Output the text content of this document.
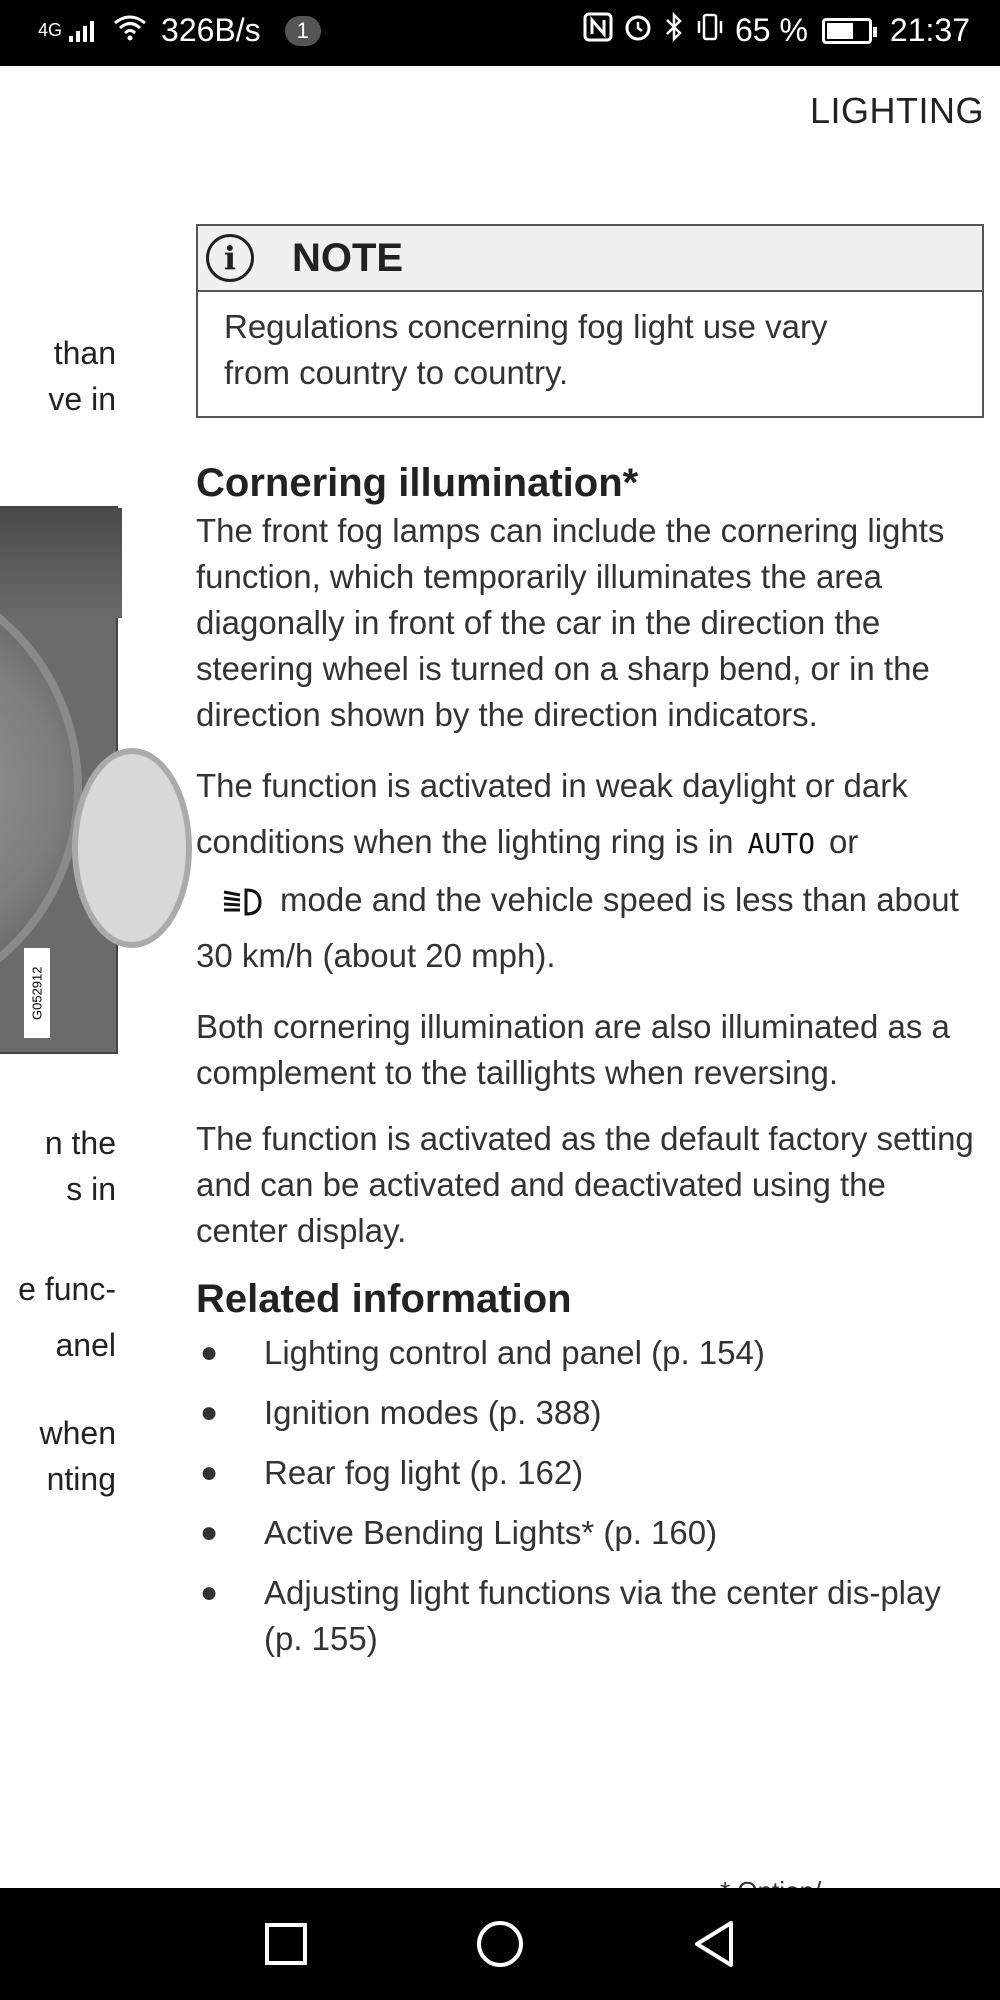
4G	326B/s	1	65 %	21:37
LIGHTING
than
ve in
G052912
n the
s in
e func-
anel
when
nting
i	NOTE
Regulations concerning fog light use vary
from country to country.
Cornering illumination*

The front fog lamps can include the cornering lights function, which temporarily illuminates the area diagonally in front of the car in the direction the steering wheel is turned on a sharp bend, or in the direction shown by the direction indicators.

The function is activated in weak daylight or dark conditions when the lighting ring is in AUTO or
mode and the vehicle speed is less than about 30 km/h (about 20 mph).

Both cornering illumination are also illuminated as a complement to the taillights when reversing.

The function is activated as the default factory setting and can be activated and deactivated using the center display.

Related information
● Lighting control and panel (p. 154)
● Ignition modes (p. 388)
● Rear fog light (p. 162)
● Active Bending Lights* (p. 160)
● Adjusting light functions via the center dis-play (p. 155)
